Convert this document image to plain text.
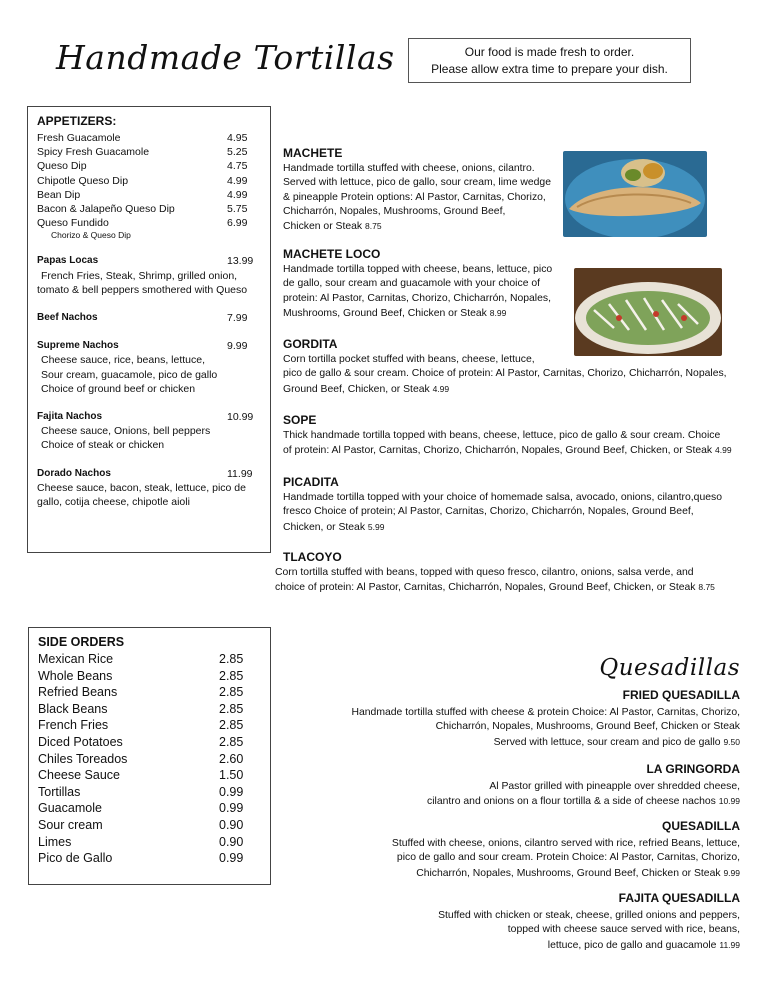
Handmade Tortillas	Our food is made fresh to order.
Please allow extra time to prepare your dish.
APPETIZERS:
Fresh Guacamole	4.95
Spicy Fresh Guacamole	5.25
Queso Dip	4.75
Chipotle Queso Dip	4.99
Bean Dip	4.99
Bacon & Jalapeño Queso Dip	5.75
Queso Fundido	6.99
Chorizo & Queso Dip
Papas Locas	13.99
French Fries, Steak, Shrimp, grilled onion,
tomato & bell peppers smothered with Queso
Beef Nachos	7.99
Supreme Nachos	9.99
Cheese sauce, rice, beans, lettuce,
Sour cream, guacamole, pico de gallo
Choice of ground beef or chicken
Fajita Nachos	10.99
Cheese sauce, Onions, bell peppers
Choice of steak or chicken
Dorado Nachos	11.99
Cheese sauce, bacon, steak, lettuce, pico de
gallo, cotija cheese, chipotle aioli
MACHETE
Handmade tortilla stuffed with cheese, onions, cilantro.
Served with lettuce, pico de gallo, sour cream, lime wedge
& pineapple Protein options: Al Pastor, Carnitas, Chorizo,
Chicharrón, Nopales, Mushrooms, Ground Beef,
Chicken or Steak 8.75
MACHETE LOCO
Handmade tortilla topped with cheese, beans, lettuce, pico
de gallo, sour cream and guacamole with your choice of
protein: Al Pastor, Carnitas, Chorizo, Chicharrón, Nopales,
Mushrooms, Ground Beef, Chicken or Steak 8.99
GORDITA
Corn tortilla pocket stuffed with beans, cheese, lettuce,
pico de gallo & sour cream. Choice of protein: Al Pastor, Carnitas, Chorizo, Chicharrón, Nopales,
Ground Beef, Chicken, or Steak 4.99
SOPE
Thick handmade tortilla topped with beans, cheese, lettuce, pico de gallo & sour cream. Choice
of protein: Al Pastor, Carnitas, Chorizo, Chicharrón, Nopales, Ground Beef, Chicken, or Steak 4.99
PICADITA
Handmade tortilla topped with your choice of homemade salsa, avocado, onions, cilantro,queso
fresco Choice of protein; Al Pastor, Carnitas, Chorizo, Chicharrón, Nopales, Ground Beef,
Chicken, or Steak 5.99
TLACOYO
Corn tortilla stuffed with beans, topped with queso fresco, cilantro, onions, salsa verde, and
choice of protein: Al Pastor, Carnitas, Chicharrón, Nopales, Ground Beef, Chicken, or Steak 8.75
SIDE ORDERS
Mexican Rice	2.85
Whole Beans	2.85
Refried Beans	2.85
Black Beans	2.85
French Fries	2.85
Diced Potatoes	2.85
Chiles Toreados	2.60
Cheese Sauce	1.50
Tortillas	0.99
Guacamole	0.99
Sour cream	0.90
Limes	0.90
Pico de Gallo	0.99
Quesadillas
FRIED QUESADILLA
Handmade tortilla stuffed with cheese & protein Choice: Al Pastor, Carnitas, Chorizo,
Chicharrón, Nopales, Mushrooms, Ground Beef, Chicken or Steak
Served with lettuce, sour cream and pico de gallo 9.50
LA GRINGORDA
Al Pastor grilled with pineapple over shredded cheese,
cilantro and onions on a flour tortilla & a side of cheese nachos 10.99
QUESADILLA
Stuffed with cheese, onions, cilantro served with rice, refried Beans, lettuce,
pico de gallo and sour cream. Protein Choice: Al Pastor, Carnitas, Chorizo,
Chicharrón, Nopales, Mushrooms, Ground Beef, Chicken or Steak 9.99
FAJITA QUESADILLA
Stuffed with chicken or steak, cheese, grilled onions and peppers,
topped with cheese sauce served with rice, beans,
lettuce, pico de gallo and guacamole 11.99
